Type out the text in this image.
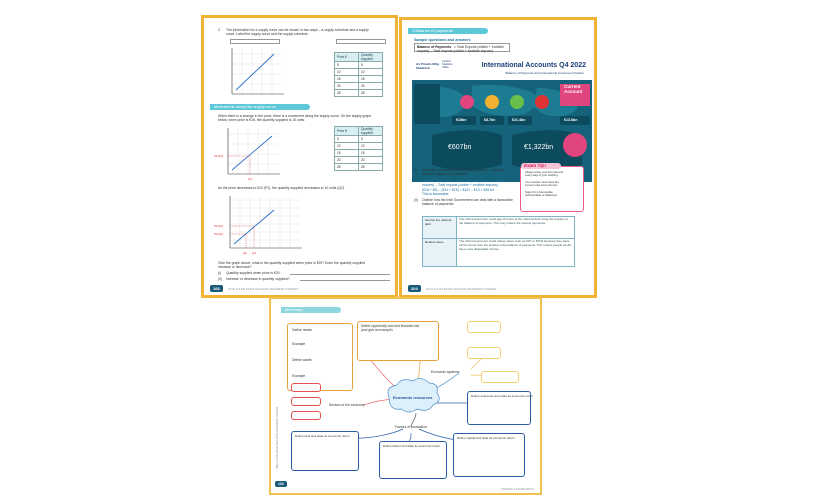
2. The information for a supply curve can be shown in two ways – a supply schedule and a supply
curve. Label the supply curve and the supply schedule.
Price €	Quantity supplied
5	5
10	10
15	15
20	20
25	25
Movements along the supply curve
When there is a change in the price, there is a movement along the supply curve. On the supply graph
below, when price is €15, the quantity supplied is 15 units.
P1(15)
Q1
Price €	Quantity supplied
5	5
10	10
15	15
20	20
25	25
As the price decreases to €10 (P2), the quantity supplied decreases to 10 units (Q2).
P1(15)
P2(10)
Q2 Q1
Give the graph above, what is the quantity supplied when price is €20? Does the quantity supplied
increase or decrease?
(i) Quantity supplied when price is €20:
(ii) Increase or decrease in quantity supplied?
166	SKILLS FOR EXAM SUCCESS BUSINESS STUDIES
4 Balance of payments
Sample questions and answers
Balance of Payments = Total Exports (visible + invisible
exports) – Total Imports (visible + invisible imports)
An Príomh-Oifig
Staidrimh
Central
Statistics
Office	International Accounts Q4 2022
Balance of Payments and International Investment Position
Current Account
€18bn	€8.7bn	€21.4bn	€13.8bn
€607bn	€1,322bn
(i) Using the information in the infograph above, calculate
Ireland's balance of payments.
Balance of Payments = Total Exports (visible + invisible
exports) – Total Imports (visible + invisible imports)
(€18 + €8) – (€41 + €15) = €167 – €13 = €45 bn
This is favourable
(ii) Outline how the Irish Government can deal with a favourable
balance of payments.
Exam Tip!
Always show your formula and
every step of your working.
Your answer must have the
correct units and currency.
State if it is favourable,
unfavourable or balanced.
Service the national debt	The Irish Government could pay off some of the national debt using the surplus on the balance of payments. This may reduce the interest payments.

Reduce taxes	The Irish Government could reduce taxes such as VAT or PAYE because they have extra income from the surplus in the balance of payments. This means people would have more disposable income.
204	SKILLS FOR EXAM SUCCESS BUSINESS STUDIES
Mind map
SKILLS FOR EXAM SUCCESS BUSINESS STUDIES
Economic resources
Define needs
Example
Define wants
Example
Define opportunity cost and financial cost
(and give an example)
Economic systems
Sectors of the economy
Define enterprise and state its economic return
Factors of production
Define land and state its economic return
Define labour and state its economic return
Define capital and state its economic return
133
STRAND 3 ECONOMICS
